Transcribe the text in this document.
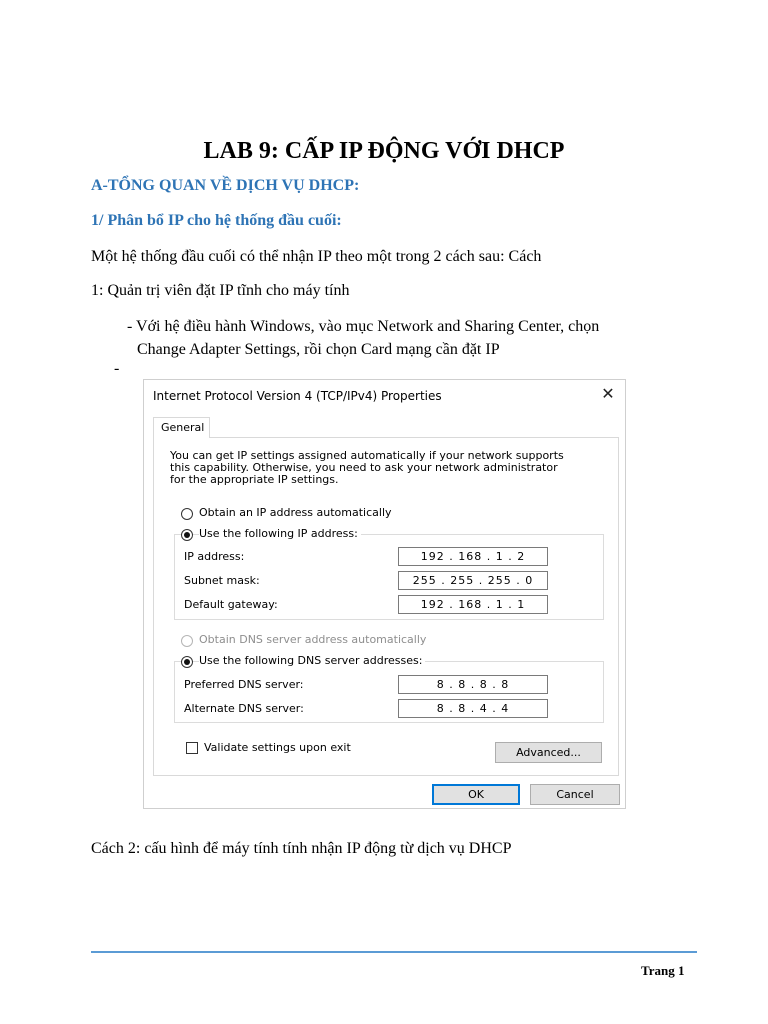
LAB 9: CẤP IP ĐỘNG VỚI DHCP
A-TỔNG QUAN VỀ DỊCH VỤ DHCP:
1/ Phân bổ IP cho hệ thống đầu cuối:
Một hệ thống đầu cuối có thể nhận IP theo một trong 2 cách sau: Cách
1: Quản trị viên đặt IP tĩnh cho máy tính
- Với hệ điều hành Windows, vào mục Network and Sharing Center, chọn
Change Adapter Settings, rồi chọn Card mạng cần đặt IP
-
Internet Protocol Version 4 (TCP/IPv4) Properties	✕
General
You can get IP settings assigned automatically if your network supports
this capability. Otherwise, you need to ask your network administrator
for the appropriate IP settings.
Obtain an IP address automatically
Use the following IP address:
IP address:	192 . 168 . 1 . 2
Subnet mask:	255 . 255 . 255 . 0
Default gateway:	192 . 168 . 1 . 1
Obtain DNS server address automatically
Use the following DNS server addresses:
Preferred DNS server:	8 . 8 . 8 . 8
Alternate DNS server:	8 . 8 . 4 . 4
Validate settings upon exit	Advanced...
OK	Cancel
Cách 2: cấu hình để máy tính tính nhận IP động từ dịch vụ DHCP
Trang 1
